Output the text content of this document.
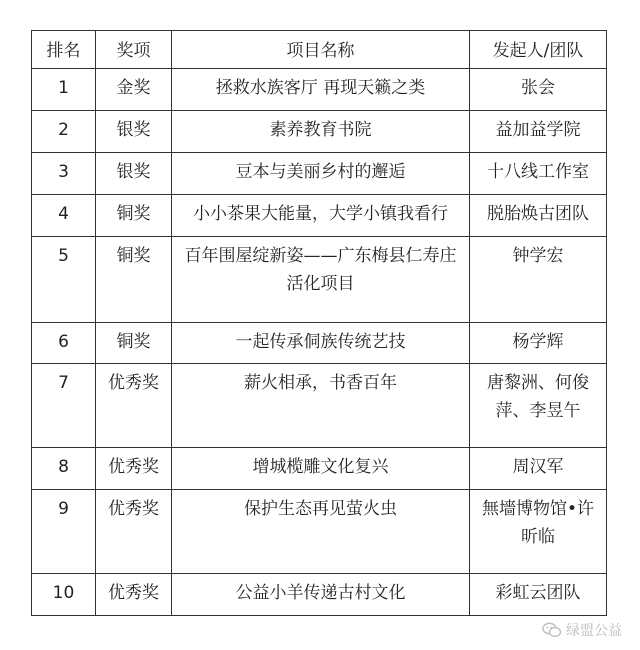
排名	奖项	项目名称	发起人/团队
1	金奖	拯救水族客厅 再现天籁之类	张会
2	银奖	素养教育书院	益加益学院
3	银奖	豆本与美丽乡村的邂逅	十八线工作室
4	铜奖	小小茶果大能量，大学小镇我看行	脱胎焕古团队
5	铜奖	百年围屋绽新姿——广东梅县仁寿庄活化项目	钟学宏
6	铜奖	一起传承侗族传统艺技	杨学辉
7	优秀奖	薪火相承，书香百年	唐黎洲、何俊萍、李昱午

8	优秀奖	增城榄雕文化复兴	周汉军
9	优秀奖	保护生态再见萤火虫	無墻博物馆•许昕临

10	优秀奖	公益小羊传递古村文化	彩虹云团队
绿盟公益
